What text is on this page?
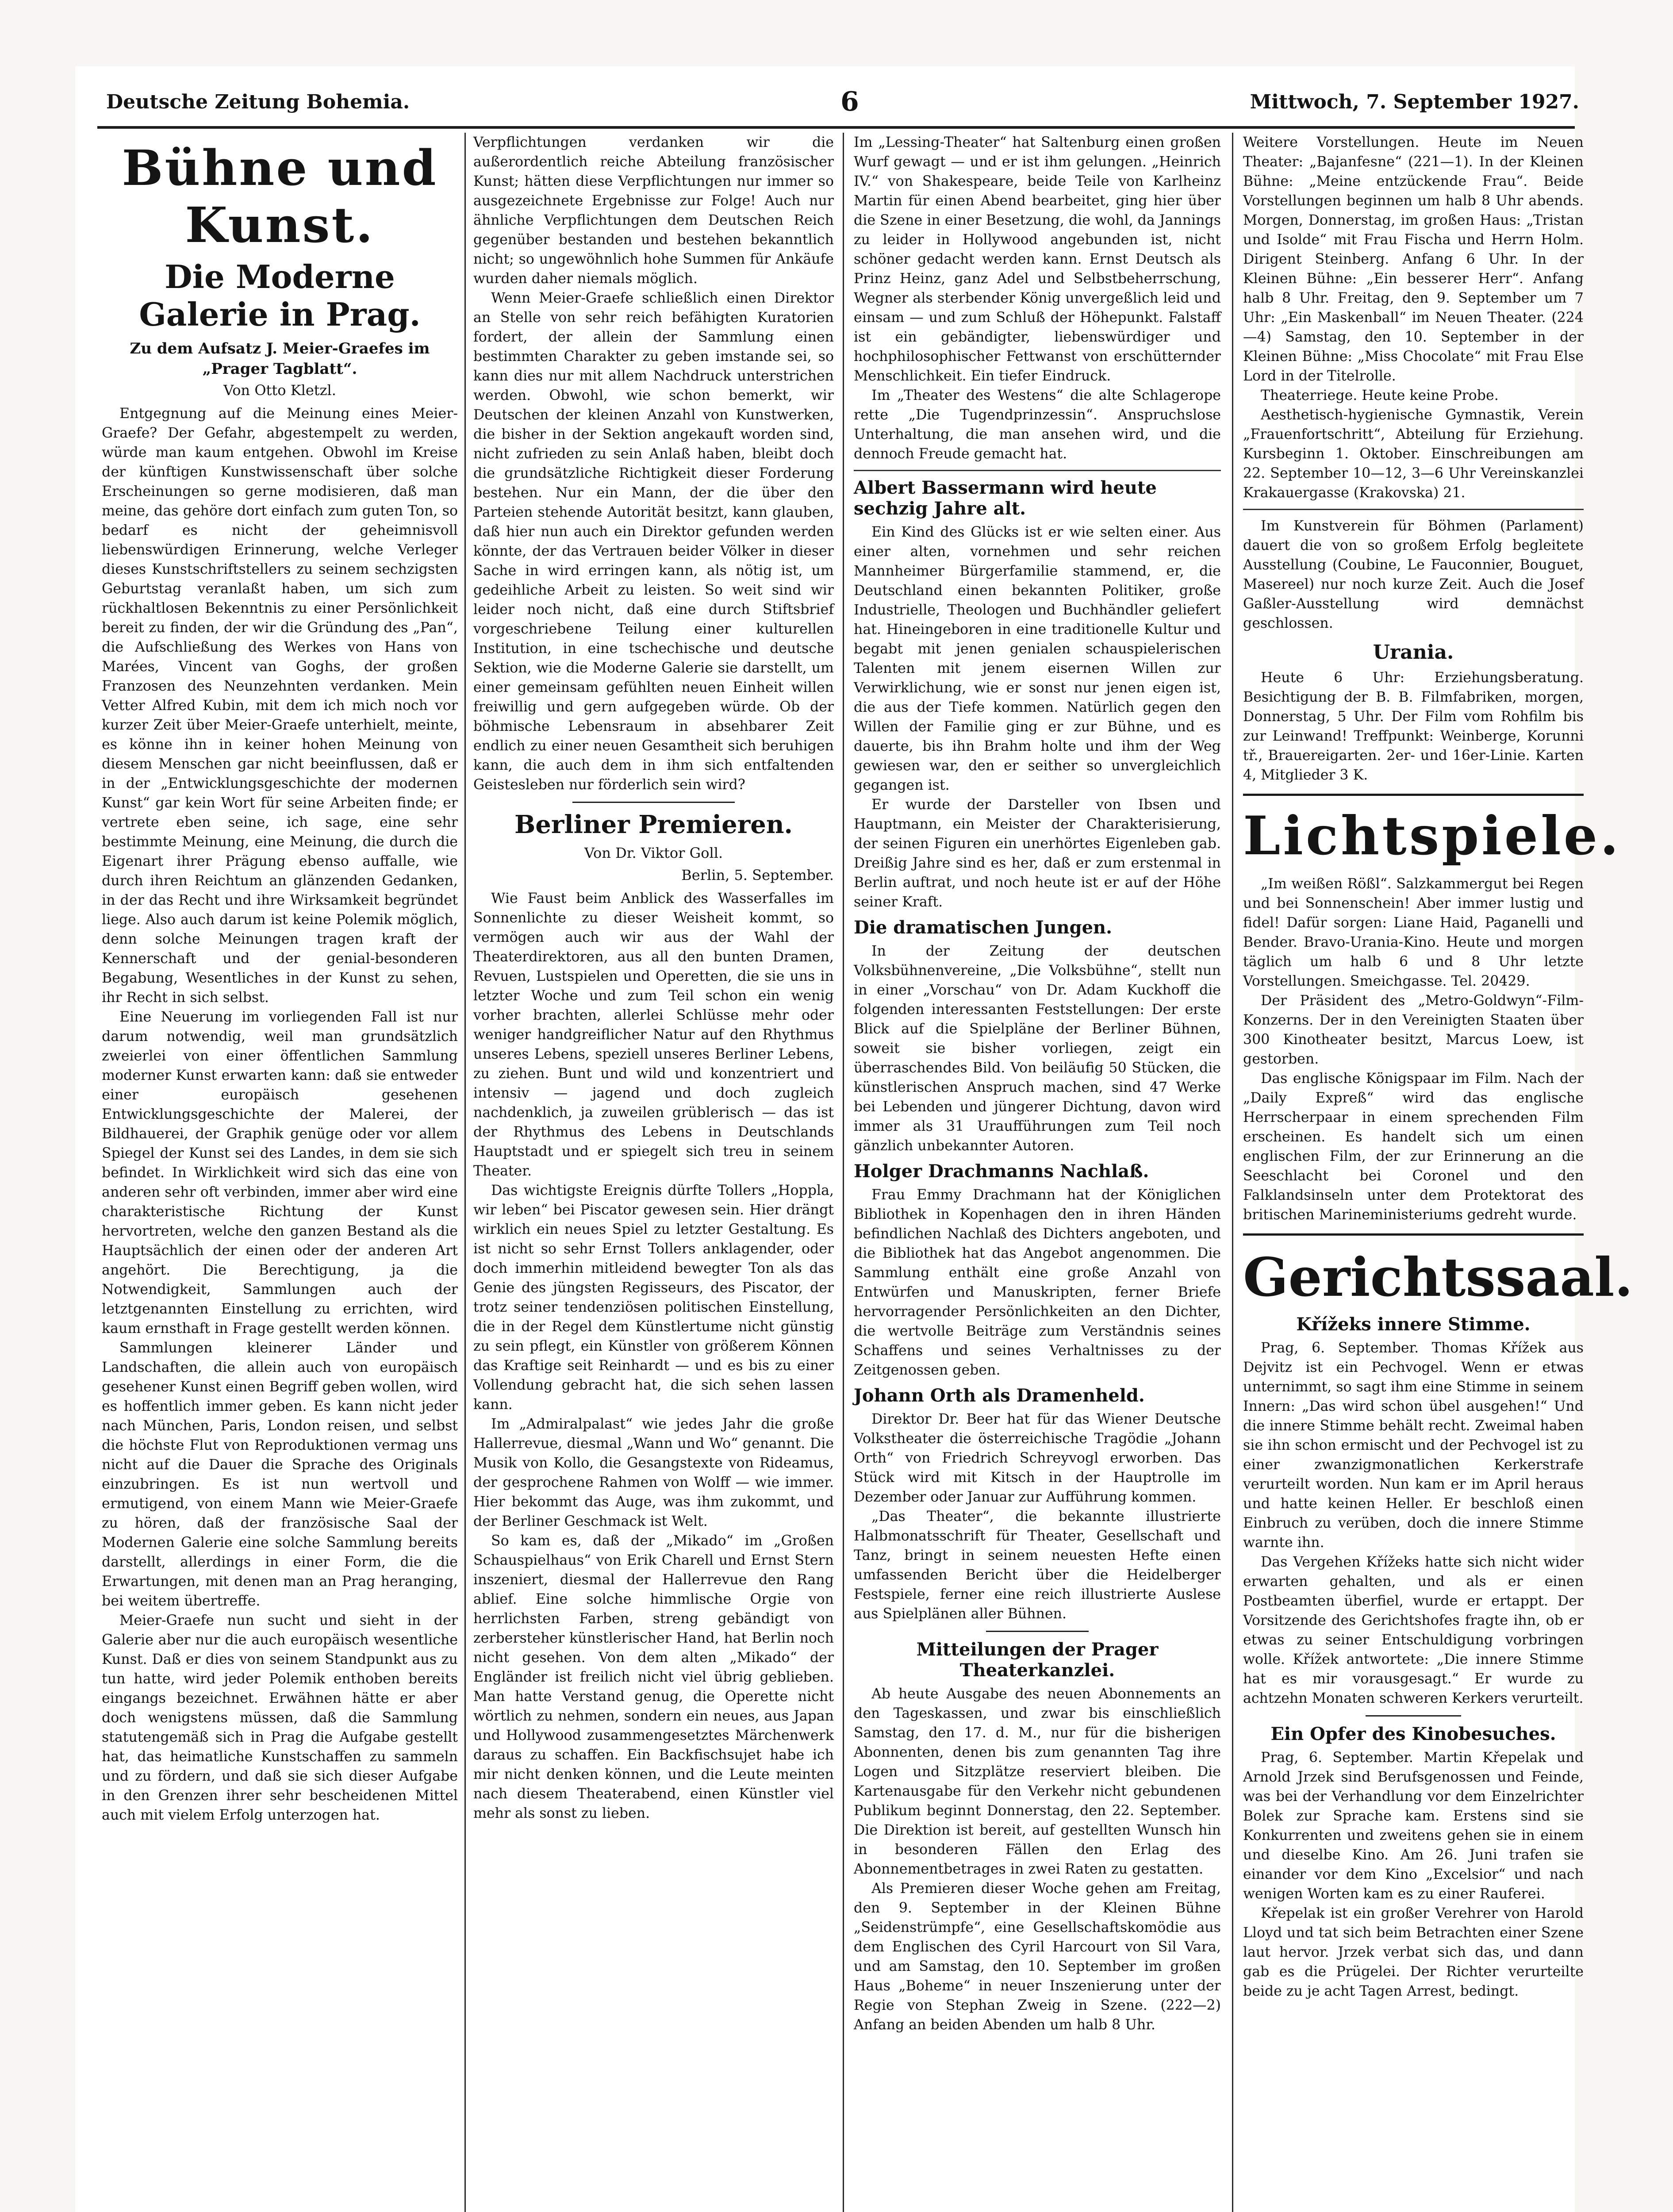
Deutsche Zeitung Bohemia.	6	Mittwoch, 7. September 1927.
Bühne und Kunst.
Die Moderne Galerie in Prag.
Zu dem Aufsatz J. Meier-Graefes im „Prager Tagblatt“.
Von Otto Kletzl.

Entgegnung auf die Meinung eines Meier-Graefe? Der Gefahr, abgestempelt zu werden, würde man kaum entgehen. Obwohl im Kreise der künftigen Kunstwissenschaft über solche Erscheinungen so gerne modisieren, daß man meine, das gehöre dort einfach zum guten Ton, so bedarf es nicht der geheimnisvoll liebenswürdigen Erinnerung, welche Verleger dieses Kunstschriftstellers zu seinem sechzigsten Geburtstag veranlaßt haben, um sich zum rückhaltlosen Bekenntnis zu einer Persönlichkeit bereit zu finden, der wir die Gründung des „Pan“, die Aufschließung des Werkes von Hans von Marées, Vincent van Goghs, der großen Franzosen des Neunzehnten verdanken. Mein Vetter Alfred Kubin, mit dem ich mich noch vor kurzer Zeit über Meier-Graefe unterhielt, meinte, es könne ihn in keiner hohen Meinung von diesem Menschen gar nicht beeinflussen, daß er in der „Entwicklungsgeschichte der modernen Kunst“ gar kein Wort für seine Arbeiten finde; er vertrete eben seine, ich sage, eine sehr bestimmte Meinung, eine Meinung, die durch die Eigenart ihrer Prägung ebenso auffalle, wie durch ihren Reichtum an glänzenden Gedanken, in der das Recht und ihre Wirksamkeit begründet liege. Also auch darum ist keine Polemik möglich, denn solche Meinungen tragen kraft der Kennerschaft und der genial-besonderen Begabung, Wesentliches in der Kunst zu sehen, ihr Recht in sich selbst.

Eine Neuerung im vorliegenden Fall ist nur darum notwendig, weil man grundsätzlich zweierlei von einer öffentlichen Sammlung moderner Kunst erwarten kann: daß sie entweder einer europäisch gesehenen Entwicklungsgeschichte der Malerei, der Bildhauerei, der Graphik genüge oder vor allem Spiegel der Kunst sei des Landes, in dem sie sich befindet. In Wirklichkeit wird sich das eine von anderen sehr oft verbinden, immer aber wird eine charakteristische Richtung der Kunst hervortreten, welche den ganzen Bestand als die Hauptsächlich der einen oder der anderen Art angehört. Die Berechtigung, ja die Notwendigkeit, Sammlungen auch der letztgenannten Einstellung zu errichten, wird kaum ernsthaft in Frage gestellt werden können.

Sammlungen kleinerer Länder und Landschaften, die allein auch von europäisch gesehener Kunst einen Begriff geben wollen, wird es hoffentlich immer geben. Es kann nicht jeder nach München, Paris, London reisen, und selbst die höchste Flut von Reproduktionen vermag uns nicht auf die Dauer die Sprache des Originals einzubringen. Es ist nun wertvoll und ermutigend, von einem Mann wie Meier-Graefe zu hören, daß der französische Saal der Modernen Galerie eine solche Sammlung bereits darstellt, allerdings in einer Form, die die Erwartungen, mit denen man an Prag heranging, bei weitem übertreffe.

Meier-Graefe nun sucht und sieht in der Galerie aber nur die auch europäisch wesentliche Kunst. Daß er dies von seinem Standpunkt aus zu tun hatte, wird jeder Polemik enthoben bereits eingangs bezeichnet. Erwähnen hätte er aber doch wenigstens müssen, daß die Sammlung statutengemäß sich in Prag die Aufgabe gestellt hat, das heimatliche Kunstschaffen zu sammeln und zu fördern, und daß sie sich dieser Aufgabe in den Grenzen ihrer sehr bescheidenen Mittel auch mit vielem Erfolg unterzogen hat.

Verpflichtungen verdanken wir die außerordentlich reiche Abteilung französischer Kunst; hätten diese Verpflichtungen nur immer so ausgezeichnete Ergebnisse zur Folge! Auch nur ähnliche Verpflichtungen dem Deutschen Reich gegenüber bestanden und bestehen bekanntlich nicht; so ungewöhnlich hohe Summen für Ankäufe wurden daher niemals möglich.

Wenn Meier-Graefe schließlich einen Direktor an Stelle von sehr reich befähigten Kuratorien fordert, der allein der Sammlung einen bestimmten Charakter zu geben imstande sei, so kann dies nur mit allem Nachdruck unterstrichen werden. Obwohl, wie schon bemerkt, wir Deutschen der kleinen Anzahl von Kunstwerken, die bisher in der Sektion angekauft worden sind, nicht zufrieden zu sein Anlaß haben, bleibt doch die grundsätzliche Richtigkeit dieser Forderung bestehen. Nur ein Mann, der die über den Parteien stehende Autorität besitzt, kann glauben, daß hier nun auch ein Direktor gefunden werden könnte, der das Vertrauen beider Völker in dieser Sache in wird erringen kann, als nötig ist, um gedeihliche Arbeit zu leisten. So weit sind wir leider noch nicht, daß eine durch Stiftsbrief vorgeschriebene Teilung einer kulturellen Institution, in eine tschechische und deutsche Sektion, wie die Moderne Galerie sie darstellt, um einer gemeinsam gefühlten neuen Einheit willen freiwillig und gern aufgegeben würde. Ob der böhmische Lebensraum in absehbarer Zeit endlich zu einer neuen Gesamtheit sich beruhigen kann, die auch dem in ihm sich entfaltenden Geistesleben nur förderlich sein wird?

Berliner Premieren.
Von Dr. Viktor Goll.
Berlin, 5. September.

Wie Faust beim Anblick des Wasserfalles im Sonnenlichte zu dieser Weisheit kommt, so vermögen auch wir aus der Wahl der Theaterdirektoren, aus all den bunten Dramen, Revuen, Lustspielen und Operetten, die sie uns in letzter Woche und zum Teil schon ein wenig vorher brachten, allerlei Schlüsse mehr oder weniger handgreiflicher Natur auf den Rhythmus unseres Lebens, speziell unseres Berliner Lebens, zu ziehen. Bunt und wild und konzentriert und intensiv — jagend und doch zugleich nachdenklich, ja zuweilen grüblerisch — das ist der Rhythmus des Lebens in Deutschlands Hauptstadt und er spiegelt sich treu in seinem Theater.

Das wichtigste Ereignis dürfte Tollers „Hoppla, wir leben“ bei Piscator gewesen sein. Hier drängt wirklich ein neues Spiel zu letzter Gestaltung. Es ist nicht so sehr Ernst Tollers anklagender, oder doch immerhin mitleidend bewegter Ton als das Genie des jüngsten Regisseurs, des Piscator, der trotz seiner tendenziösen politischen Einstellung, die in der Regel dem Künstlertume nicht günstig zu sein pflegt, ein Künstler von größerem Können das Kraftige seit Reinhardt — und es bis zu einer Vollendung gebracht hat, die sich sehen lassen kann.

Im „Admiralpalast“ wie jedes Jahr die große Hallerrevue, diesmal „Wann und Wo“ genannt. Die Musik von Kollo, die Gesangstexte von Rideamus, der gesprochene Rahmen von Wolff — wie immer. Hier bekommt das Auge, was ihm zukommt, und der Berliner Geschmack ist Welt.

So kam es, daß der „Mikado“ im „Großen Schauspielhaus“ von Erik Charell und Ernst Stern inszeniert, diesmal der Hallerrevue den Rang ablief. Eine solche himmlische Orgie von herrlichsten Farben, streng gebändigt von zerbersteher künstlerischer Hand, hat Berlin noch nicht gesehen. Von dem alten „Mikado“ der Engländer ist freilich nicht viel übrig geblieben. Man hatte Verstand genug, die Operette nicht wörtlich zu nehmen, sondern ein neues, aus Japan und Hollywood zusammengesetztes Märchenwerk daraus zu schaffen. Ein Backfischsujet habe ich mir nicht denken können, und die Leute meinten nach diesem Theaterabend, einen Künstler viel mehr als sonst zu lieben.

Im „Lessing-Theater“ hat Saltenburg einen großen Wurf gewagt — und er ist ihm gelungen. „Heinrich IV.“ von Shakespeare, beide Teile von Karlheinz Martin für einen Abend bearbeitet, ging hier über die Szene in einer Besetzung, die wohl, da Jannings zu leider in Hollywood angebunden ist, nicht schöner gedacht werden kann. Ernst Deutsch als Prinz Heinz, ganz Adel und Selbstbeherrschung, Wegner als sterbender König unvergeßlich leid und einsam — und zum Schluß der Höhepunkt. Falstaff ist ein gebändigter, liebenswürdiger und hochphilosophischer Fettwanst von erschütternder Menschlichkeit. Ein tiefer Eindruck.

Im „Theater des Westens“ die alte Schlagerope rette „Die Tugendprinzessin“. Anspruchslose Unterhaltung, die man ansehen wird, und die dennoch Freude gemacht hat.

Albert Bassermann wird heute sechzig Jahre alt.

Ein Kind des Glücks ist er wie selten einer. Aus einer alten, vornehmen und sehr reichen Mannheimer Bürgerfamilie stammend, er, die Deutschland einen bekannten Politiker, große Industrielle, Theologen und Buchhändler geliefert hat. Hineingeboren in eine traditionelle Kultur und begabt mit jenen genialen schauspielerischen Talenten mit jenem eisernen Willen zur Verwirklichung, wie er sonst nur jenen eigen ist, die aus der Tiefe kommen. Natürlich gegen den Willen der Familie ging er zur Bühne, und es dauerte, bis ihn Brahm holte und ihm der Weg gewiesen war, den er seither so unvergleichlich gegangen ist.

Er wurde der Darsteller von Ibsen und Hauptmann, ein Meister der Charakterisierung, der seinen Figuren ein unerhörtes Eigenleben gab. Dreißig Jahre sind es her, daß er zum erstenmal in Berlin auftrat, und noch heute ist er auf der Höhe seiner Kraft.

Die dramatischen Jungen.

In der Zeitung der deutschen Volksbühnenvereine, „Die Volksbühne“, stellt nun in einer „Vorschau“ von Dr. Adam Kuckhoff die folgenden interessanten Feststellungen: Der erste Blick auf die Spielpläne der Berliner Bühnen, soweit sie bisher vorliegen, zeigt ein überraschendes Bild. Von beiläufig 50 Stücken, die künstlerischen Anspruch machen, sind 47 Werke bei Lebenden und jüngerer Dichtung, davon wird immer als 31 Uraufführungen zum Teil noch gänzlich unbekannter Autoren.

Holger Drachmanns Nachlaß.

Frau Emmy Drachmann hat der Königlichen Bibliothek in Kopenhagen den in ihren Händen befindlichen Nachlaß des Dichters angeboten, und die Bibliothek hat das Angebot angenommen. Die Sammlung enthält eine große Anzahl von Entwürfen und Manuskripten, ferner Briefe hervorragender Persönlichkeiten an den Dichter, die wertvolle Beiträge zum Verständnis seines Schaffens und seines Verhaltnisses zu der Zeitgenossen geben.

Johann Orth als Dramenheld.

Direktor Dr. Beer hat für das Wiener Deutsche Volkstheater die österreichische Tragödie „Johann Orth“ von Friedrich Schreyvogl erworben. Das Stück wird mit Kitsch in der Hauptrolle im Dezember oder Januar zur Aufführung kommen.

„Das Theater“, die bekannte illustrierte Halbmonatsschrift für Theater, Gesellschaft und Tanz, bringt in seinem neuesten Hefte einen umfassenden Bericht über die Heidelberger Festspiele, ferner eine reich illustrierte Auslese aus Spielplänen aller Bühnen.

Mitteilungen der Prager Theaterkanzlei.

Ab heute Ausgabe des neuen Abonnements an den Tageskassen, und zwar bis einschließlich Samstag, den 17. d. M., nur für die bisherigen Abonnenten, denen bis zum genannten Tag ihre Logen und Sitzplätze reserviert bleiben. Die Kartenausgabe für den Verkehr nicht gebundenen Publikum beginnt Donnerstag, den 22. September. Die Direktion ist bereit, auf gestellten Wunsch hin in besonderen Fällen den Erlag des Abonnementbetrages in zwei Raten zu gestatten.

Als Premieren dieser Woche gehen am Freitag, den 9. September in der Kleinen Bühne „Seidenstrümpfe“, eine Gesellschaftskomödie aus dem Englischen des Cyril Harcourt von Sil Vara, und am Samstag, den 10. September im großen Haus „Boheme“ in neuer Inszenierung unter der Regie von Stephan Zweig in Szene. (222—2) Anfang an beiden Abenden um halb 8 Uhr.

Weitere Vorstellungen. Heute im Neuen Theater: „Bajanfesne“ (221—1). In der Kleinen Bühne: „Meine entzückende Frau“. Beide Vorstellungen beginnen um halb 8 Uhr abends. Morgen, Donnerstag, im großen Haus: „Tristan und Isolde“ mit Frau Fischa und Herrn Holm. Dirigent Steinberg. Anfang 6 Uhr. In der Kleinen Bühne: „Ein besserer Herr“. Anfang halb 8 Uhr. Freitag, den 9. September um 7 Uhr: „Ein Maskenball“ im Neuen Theater. (224—4) Samstag, den 10. September in der Kleinen Bühne: „Miss Chocolate“ mit Frau Else Lord in der Titelrolle.

Theaterriege. Heute keine Probe.

Aesthetisch-hygienische Gymnastik, Verein „Frauenfortschritt“, Abteilung für Erziehung. Kursbeginn 1. Oktober. Einschreibungen am 22. September 10—12, 3—6 Uhr Vereinskanzlei Krakauergasse (Krakovska) 21.

Im Kunstverein für Böhmen (Parlament) dauert die von so großem Erfolg begleitete Ausstellung (Coubine, Le Fauconnier, Bouguet, Masereel) nur noch kurze Zeit. Auch die Josef Gaßler-Ausstellung wird demnächst geschlossen.

Urania.

Heute 6 Uhr: Erziehungsberatung. Besichtigung der B. B. Filmfabriken, morgen, Donnerstag, 5 Uhr. Der Film vom Rohfilm bis zur Leinwand! Treffpunkt: Weinberge, Korunni tř., Brauereigarten. 2er- und 16er-Linie. Karten 4, Mitglieder 3 K.

Lichtspiele.

„Im weißen Rößl“. Salzkammergut bei Regen und bei Sonnenschein! Aber immer lustig und fidel! Dafür sorgen: Liane Haid, Paganelli und Bender. Bravo-Urania-Kino. Heute und morgen täglich um halb 6 und 8 Uhr letzte Vorstellungen. Smeichgasse. Tel. 20429.

Der Präsident des „Metro-Goldwyn“-Film-Konzerns. Der in den Vereinigten Staaten über 300 Kinotheater besitzt, Marcus Loew, ist gestorben.

Das englische Königspaar im Film. Nach der „Daily Expreß“ wird das englische Herrscherpaar in einem sprechenden Film erscheinen. Es handelt sich um einen englischen Film, der zur Erinnerung an die Seeschlacht bei Coronel und den Falklandsinseln unter dem Protektorat des britischen Marineministeriums gedreht wurde.

Gerichtssaal.
Křížeks innere Stimme.

Prag, 6. September. Thomas Křížek aus Dejvitz ist ein Pechvogel. Wenn er etwas unternimmt, so sagt ihm eine Stimme in seinem Innern: „Das wird schon übel ausgehen!“ Und die innere Stimme behält recht. Zweimal haben sie ihn schon ermischt und der Pechvogel ist zu einer zwanzigmonatlichen Kerkerstrafe verurteilt worden. Nun kam er im April heraus und hatte keinen Heller. Er beschloß einen Einbruch zu verüben, doch die innere Stimme warnte ihn.

Das Vergehen Křížeks hatte sich nicht wider erwarten gehalten, und als er einen Postbeamten überfiel, wurde er ertappt. Der Vorsitzende des Gerichtshofes fragte ihn, ob er etwas zu seiner Entschuldigung vorbringen wolle. Křížek antwortete: „Die innere Stimme hat es mir vorausgesagt.“ Er wurde zu achtzehn Monaten schweren Kerkers verurteilt.

Ein Opfer des Kinobesuches.

Prag, 6. September. Martin Křepelak und Arnold Jrzek sind Berufsgenossen und Feinde, was bei der Verhandlung vor dem Einzelrichter Bolek zur Sprache kam. Erstens sind sie Konkurrenten und zweitens gehen sie in einem und dieselbe Kino. Am 26. Juni trafen sie einander vor dem Kino „Excelsior“ und nach wenigen Worten kam es zu einer Rauferei.

Křepelak ist ein großer Verehrer von Harold Lloyd und tat sich beim Betrachten einer Szene laut hervor. Jrzek verbat sich das, und dann gab es die Prügelei. Der Richter verurteilte beide zu je acht Tagen Arrest, bedingt.
